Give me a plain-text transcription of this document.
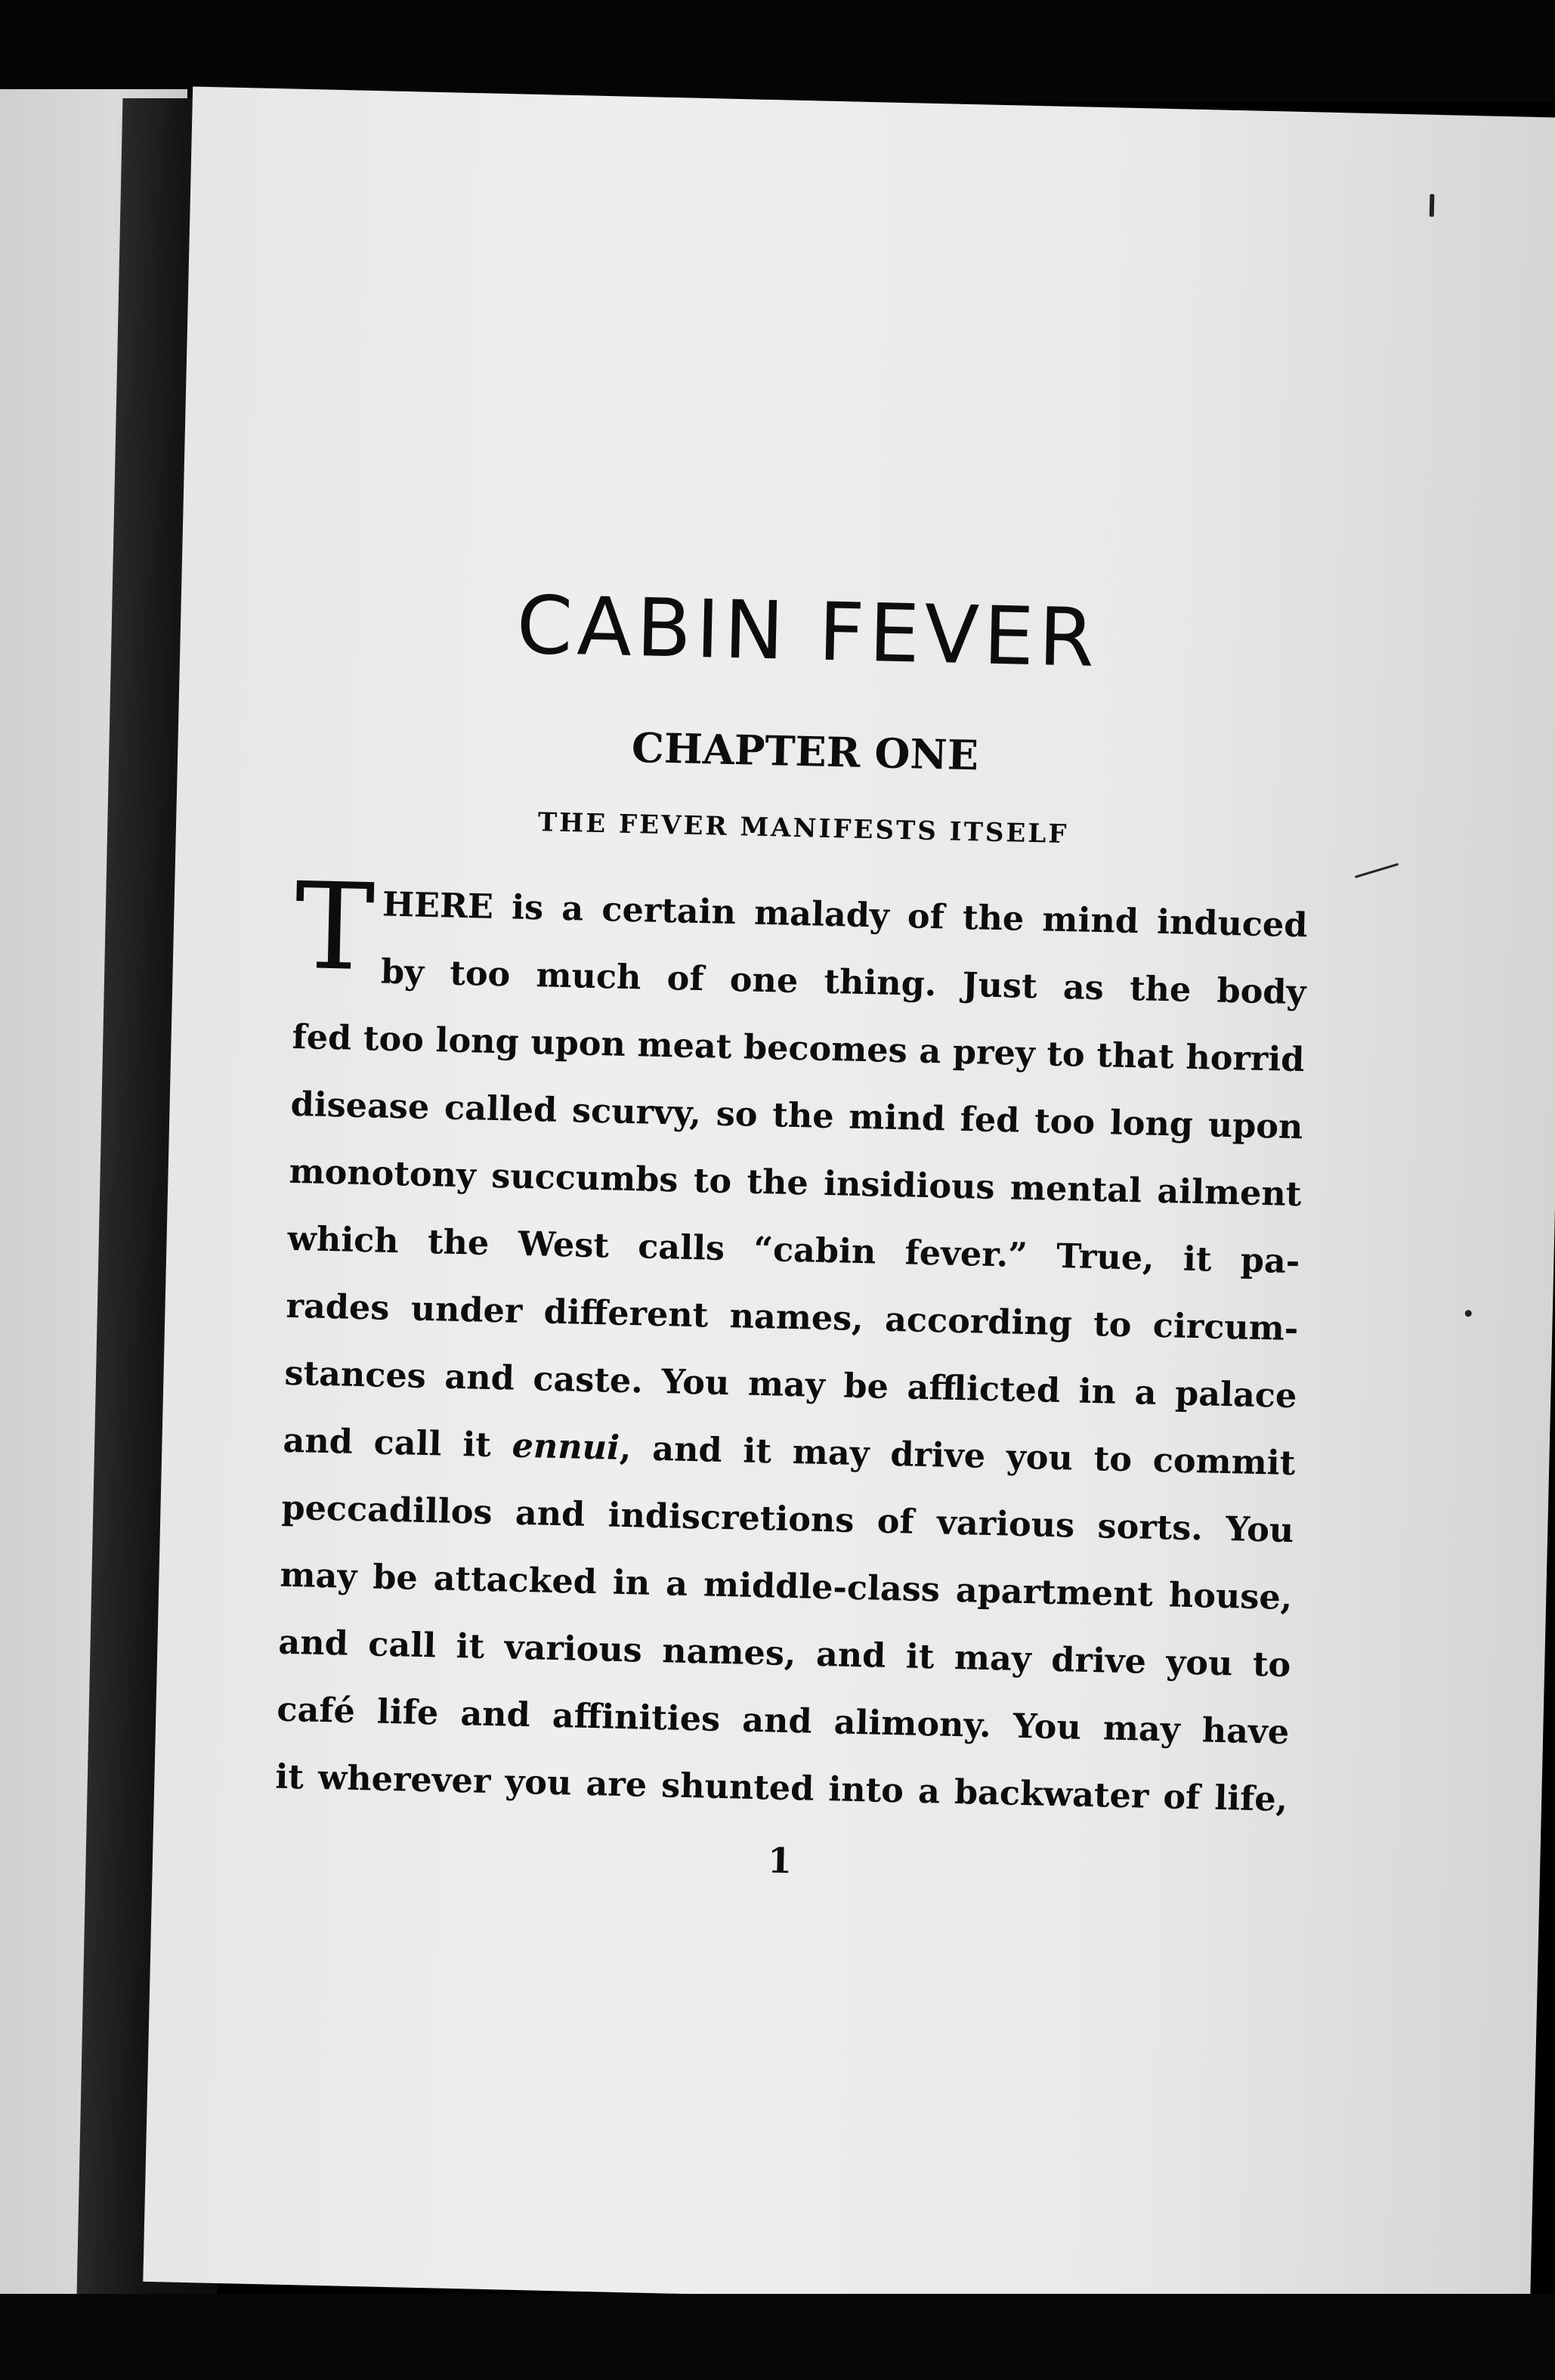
CABIN FEVER
CHAPTER ONE
THE FEVER MANIFESTS ITSELF
T HERE is a certain malady of the mind induced
by too much of one thing. Just as the body
fed too long upon meat becomes a prey to that horrid
disease called scurvy, so the mind fed too long upon
monotony succumbs to the insidious mental ailment
which the West calls “cabin fever.” True, it pa-
rades under different names, according to circum-
stances and caste. You may be afflicted in a palace
and call it ennui, and it may drive you to commit
peccadillos and indiscretions of various sorts. You
may be attacked in a middle-class apartment house,
and call it various names, and it may drive you to
café life and affinities and alimony. You may have
it wherever you are shunted into a backwater of life,
1
